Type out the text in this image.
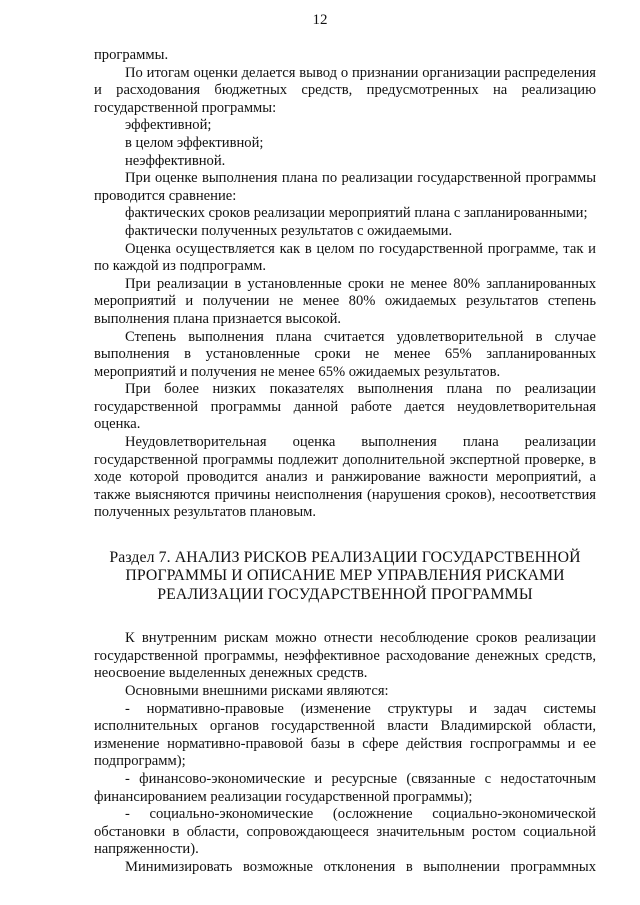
12

программы.

По итогам оценки делается вывод о признании организации распределения и расходования бюджетных средств, предусмотренных на реализацию государственной программы:

эффективной;

в целом эффективной;

неэффективной.

При оценке выполнения плана по реализации государственной программы проводится сравнение:

фактических сроков реализации мероприятий плана с запланированными;

фактически полученных результатов с ожидаемыми.

Оценка осуществляется как в целом по государственной программе, так и по каждой из подпрограмм.

При реализации в установленные сроки не менее 80% запланированных мероприятий и получении не менее 80% ожидаемых результатов степень выполнения плана признается высокой.

Степень выполнения плана считается удовлетворительной в случае выполнения в установленные сроки не менее 65% запланированных мероприятий и получения не менее 65% ожидаемых результатов.

При более низких показателях выполнения плана по реализации государственной программы данной работе дается неудовлетворительная оценка.

Неудовлетворительная оценка выполнения плана реализации государственной программы подлежит дополнительной экспертной проверке, в ходе которой проводится анализ и ранжирование важности мероприятий, а также выясняются причины неисполнения (нарушения сроков), несоответствия полученных результатов плановым.

Раздел 7. АНАЛИЗ РИСКОВ РЕАЛИЗАЦИИ ГОСУДАРСТВЕННОЙ
ПРОГРАММЫ И ОПИСАНИЕ МЕР УПРАВЛЕНИЯ РИСКАМИ
РЕАЛИЗАЦИИ ГОСУДАРСТВЕННОЙ ПРОГРАММЫ

К внутренним рискам можно отнести несоблюдение сроков реализации государственной программы, неэффективное расходование денежных средств, неосвоение выделенных денежных средств.

Основными внешними рисками являются:

- нормативно-правовые (изменение структуры и задач системы исполнительных органов государственной власти Владимирской области, изменение нормативно-правовой базы в сфере действия госпрограммы и ее подпрограмм);

- финансово-экономические и ресурсные (связанные с недостаточным финансированием реализации государственной программы);

- социально-экономические (осложнение социально-экономической обстановки в области, сопровождающееся значительным ростом социальной напряженности).

Минимизировать возможные отклонения в выполнении программных
